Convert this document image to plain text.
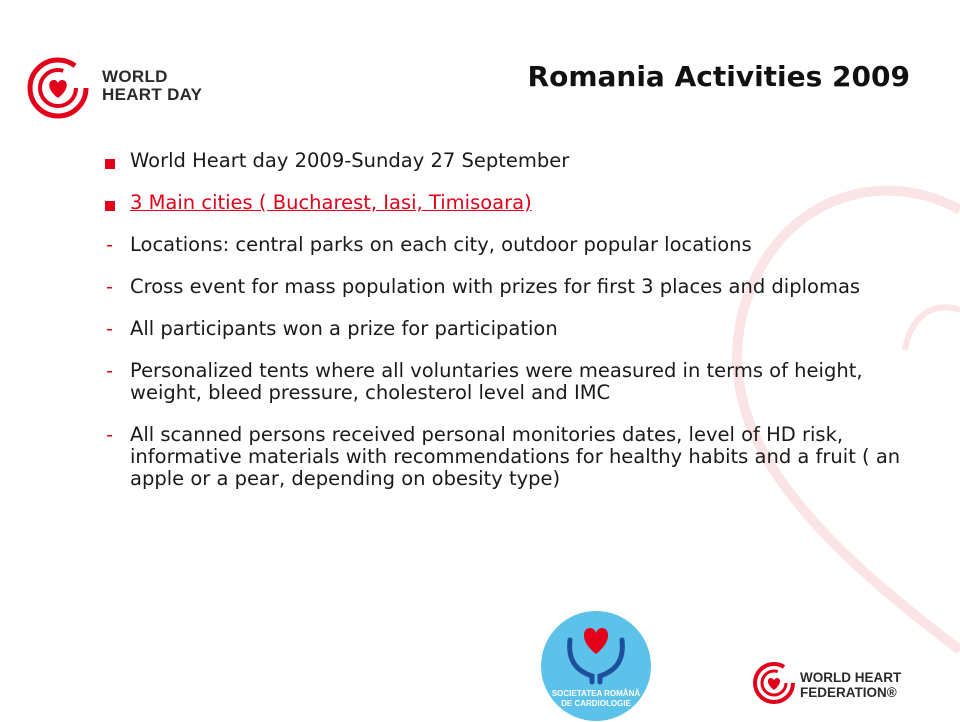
WORLD
HEART DAY
Romania Activities 2009
World Heart day 2009-Sunday 27 September
3 Main cities ( Bucharest, Iasi, Timisoara)
- Locations: central parks on each city, outdoor popular locations
- Cross event for mass population with prizes for first 3 places and diplomas
- All participants won a prize for participation
- Personalized tents where all voluntaries were measured in terms of height, weight, bleed pressure, cholesterol level and IMC
- All scanned persons received personal monitories dates, level of HD risk, informative materials with recommendations for healthy habits and a fruit ( an apple or a pear, depending on obesity type)
SOCIETATEA ROMÂNĂ
DE CARDIOLOGIE
WORLD HEART
FEDERATION®
